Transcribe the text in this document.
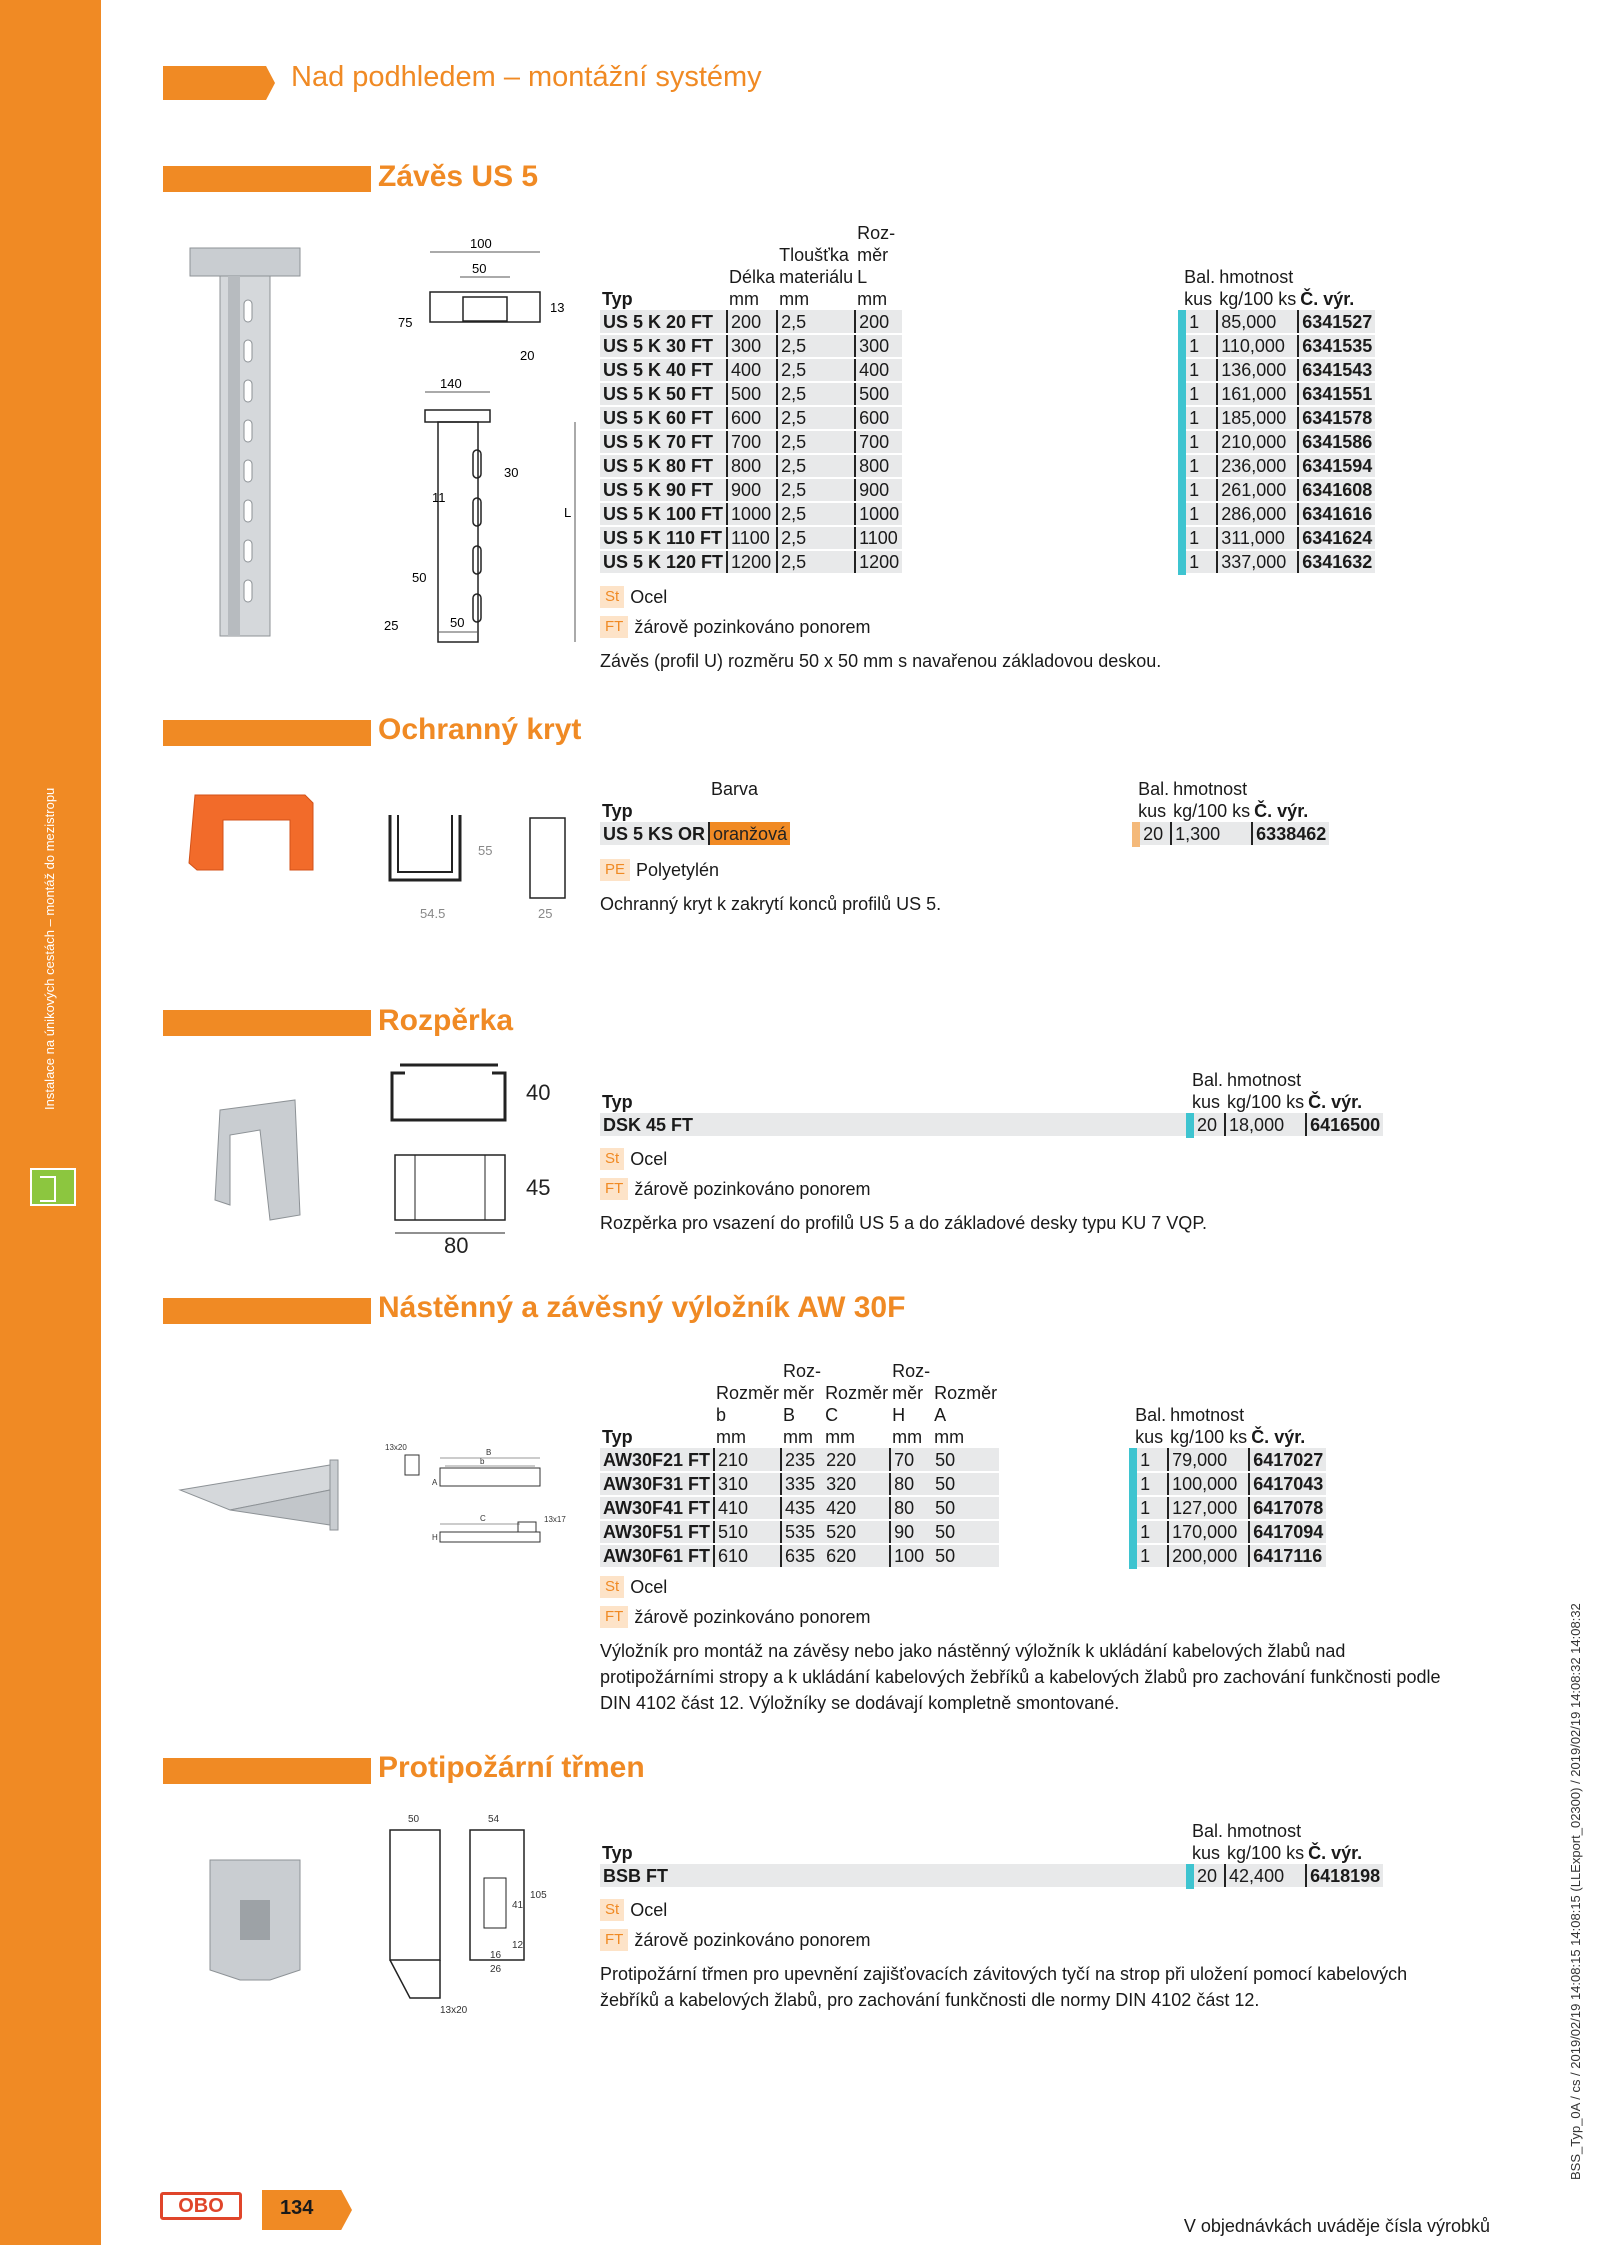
Instalace na únikových cestách – montáž do mezistropu
Nad podhledem – montážní systémy
Závěs US 5
100
50
13
75
20
140
30
11
L
50
25	50
			Roz-				
		Tloušťka	měr				
	Délka	materiálu	L		Bal.	hmotnost	
Typ	mm	mm	mm		kus	kg/100 ks	Č. výr.
US 5 K 20 FT	200	2,5	200		1	85,000	6341527
US 5 K 30 FT	300	2,5	300		1	110,000	6341535
US 5 K 40 FT	400	2,5	400		1	136,000	6341543
US 5 K 50 FT	500	2,5	500		1	161,000	6341551
US 5 K 60 FT	600	2,5	600		1	185,000	6341578
US 5 K 70 FT	700	2,5	700		1	210,000	6341586
US 5 K 80 FT	800	2,5	800		1	236,000	6341594
US 5 K 90 FT	900	2,5	900		1	261,000	6341608
US 5 K 100 FT	1000	2,5	1000		1	286,000	6341616
US 5 K 110 FT	1100	2,5	1100		1	311,000	6341624
US 5 K 120 FT	1200	2,5	1200		1	337,000	6341632
St Ocel
FT žárově pozinkováno ponorem
Závěs (profil U) rozměru 50 x 50 mm s navařenou základovou deskou.
Ochranný kryt
55
54.5	25
	Barva		Bal.	hmotnost	
Typ			kus	kg/100 ks	Č. výr.
US 5 KS OR	oranžová		20	1,300	6338462
PE Polyetylén
Ochranný kryt k zakrytí konců profilů US 5.
Rozpěrka
40
45
80
	Bal.	hmotnost	
Typ	kus	kg/100 ks	Č. výr.
DSK 45 FT	20	18,000	6416500
St Ocel
FT žárově pozinkováno ponorem
Rozpěrka pro vsazení do profilů US 5 a do základové desky typu KU 7 VQP.
Nástěnný a závěsný výložník AW 30F
13x20
B
b
C	13x17
A
H
		Roz-		Roz-					
	Rozměr	měr	Rozměr	měr	Rozměr				
	b	B	C	H	A		Bal.	hmotnost	
Typ	mm	mm	mm	mm	mm		kus	kg/100 ks	Č. výr.
AW30F21 FT	210	235	220	70	50		1	79,000	6417027
AW30F31 FT	310	335	320	80	50		1	100,000	6417043
AW30F41 FT	410	435	420	80	50		1	127,000	6417078
AW30F51 FT	510	535	520	90	50		1	170,000	6417094
AW30F61 FT	610	635	620	100	50		1	200,000	6417116
St Ocel
FT žárově pozinkováno ponorem
Výložník pro montáž na závěsy nebo jako nástěnný výložník k ukládání kabelových žlabů nad protipožárními stropy a k ukládání kabelových žebříků a kabelových žlabů pro zachování funkčnosti podle DIN 4102 část 12. Výložníky se dodávají kompletně smontované.
Protipožární třmen
50	54
105
41
12
16
26
13x20
	Bal.	hmotnost	
Typ	kus	kg/100 ks	Č. výr.
BSB FT	20	42,400	6418198
St Ocel
FT žárově pozinkováno ponorem
Protipožární třmen pro upevnění zajišťovacích závitových tyčí na strop při uložení pomocí kabelových žebříků a kabelových žlabů, pro zachování funkčnosti dle normy DIN 4102 část 12.
OBO	134
V objednávkách uváděje čísla výrobků
BSS_Typ_0A / cs / 2019/02/19 14:08:15 14:08:15 (LLExport_02300) / 2019/02/19 14:08:32 14:08:32
